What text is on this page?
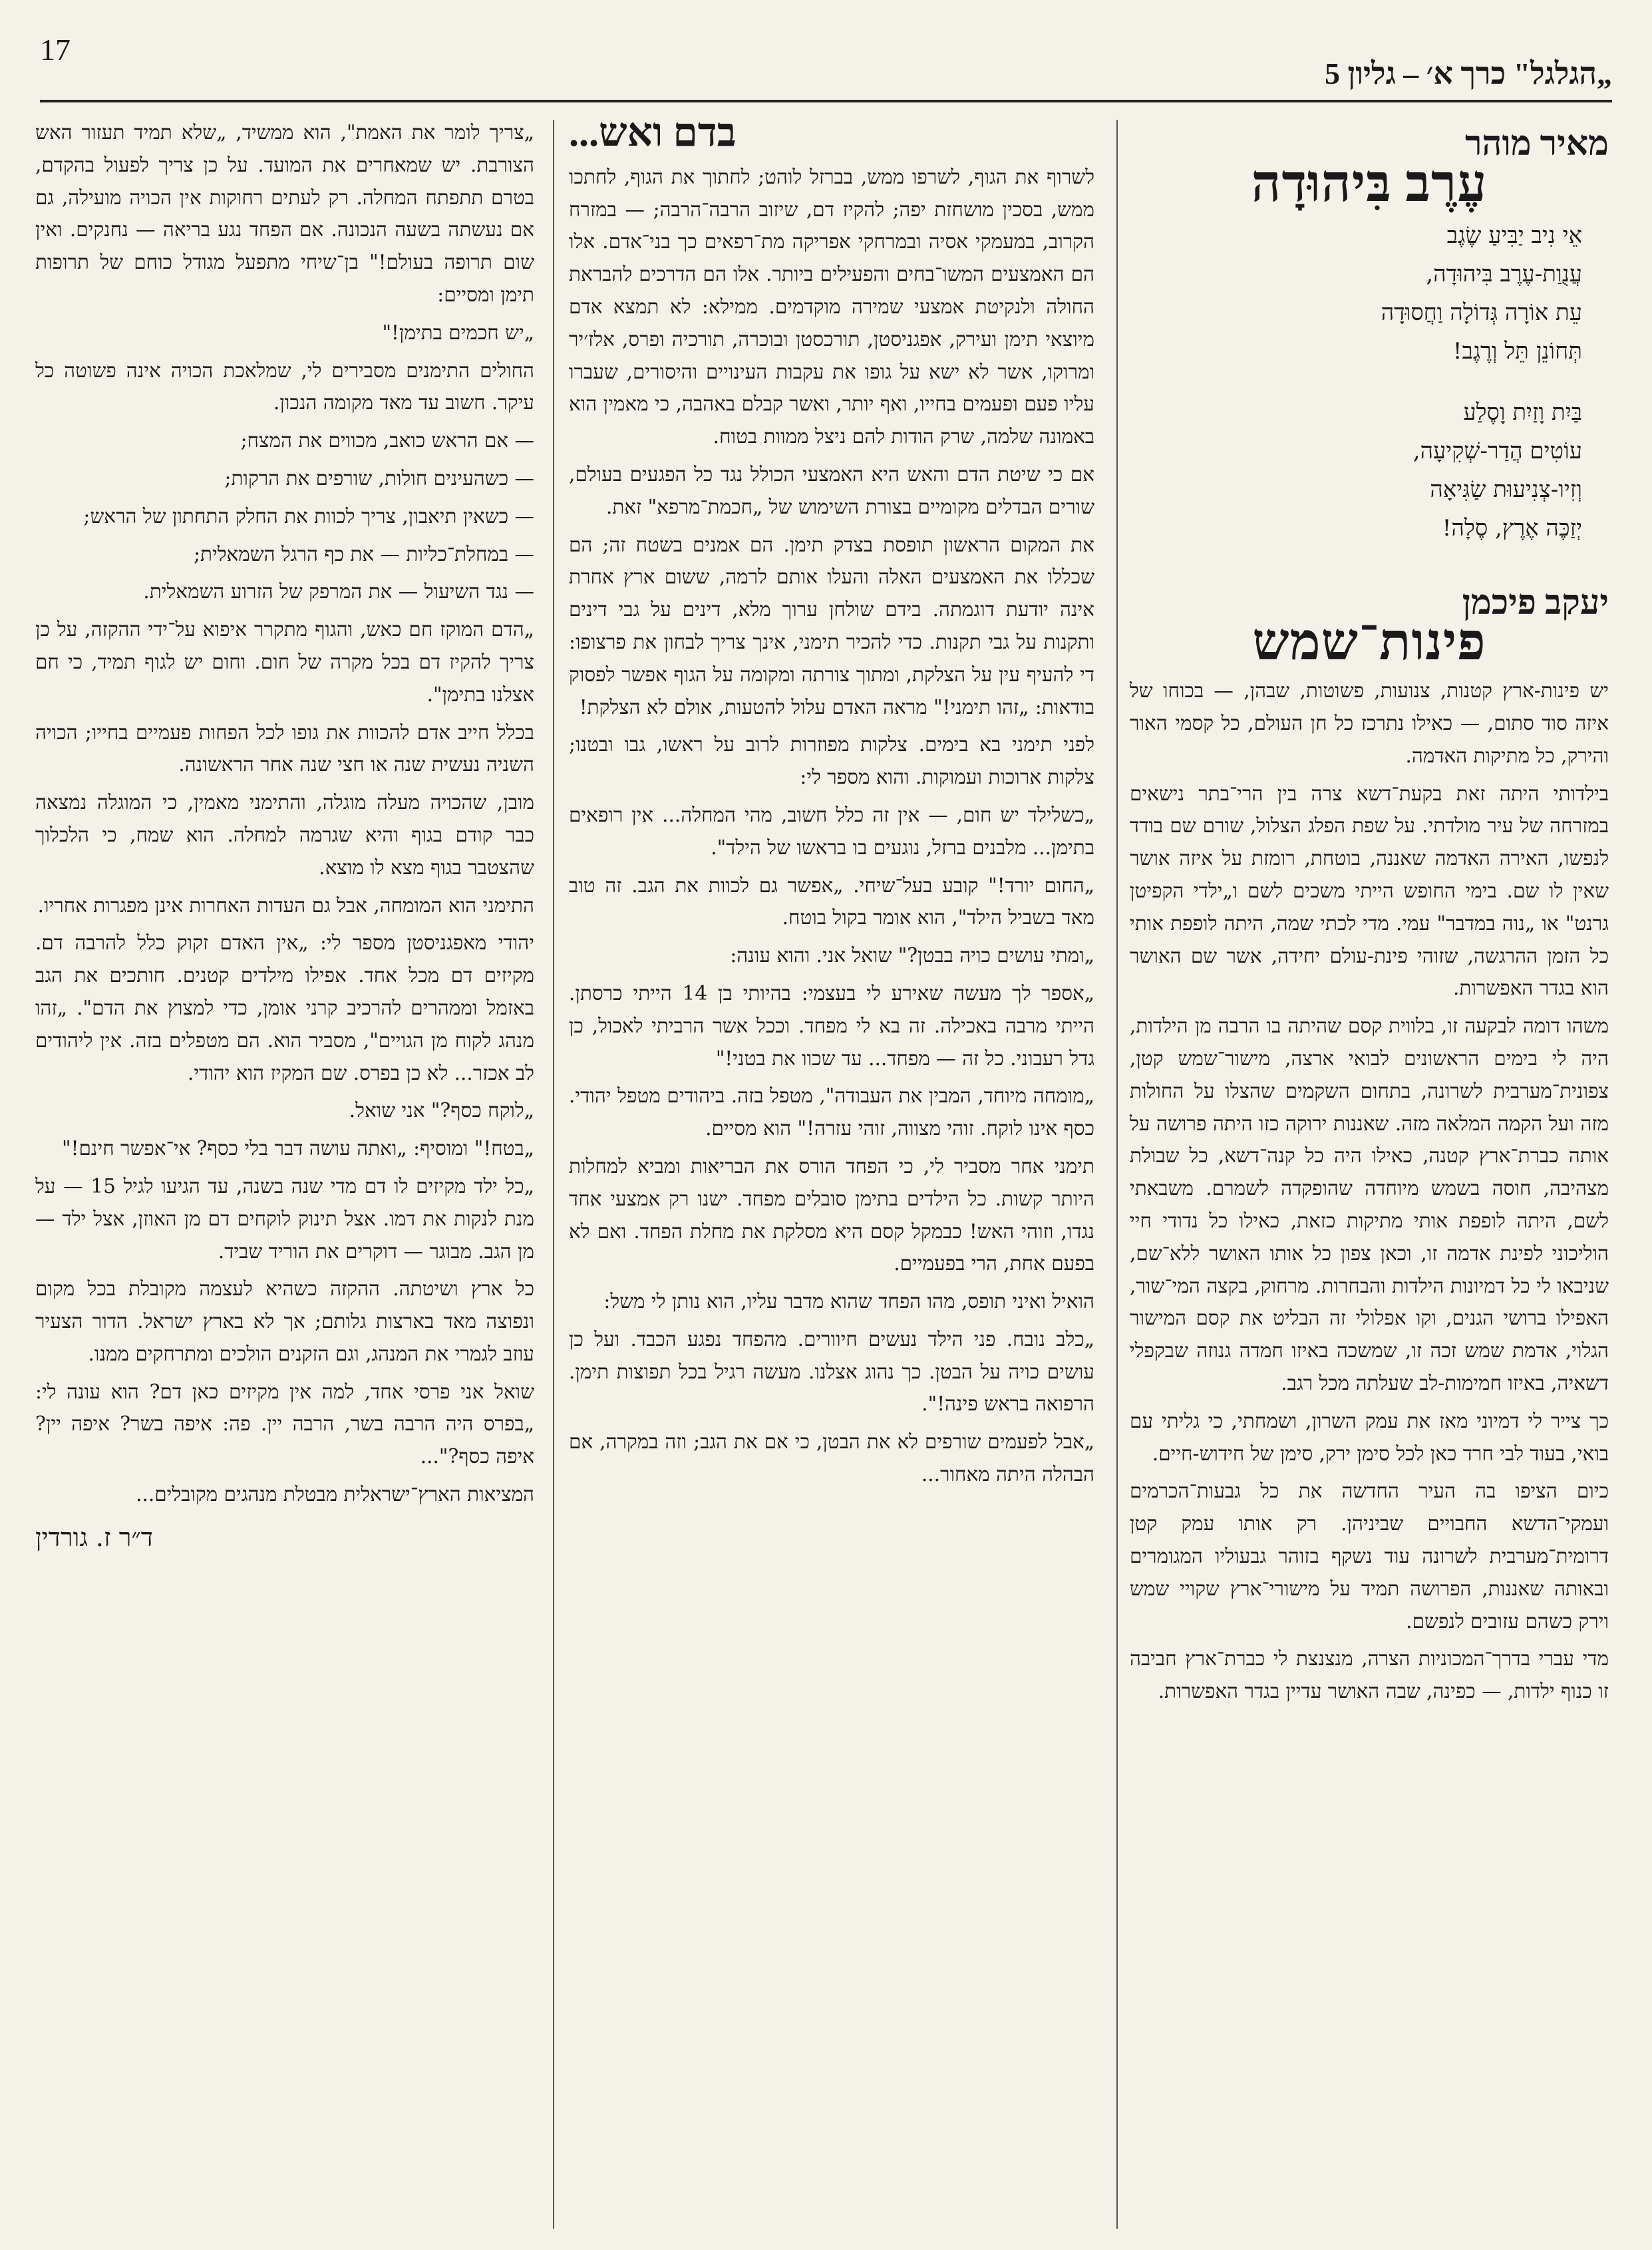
17
„הגלגל" כרך א׳ – גליון 5
מאיר מוהר
עֶרֶב בִּיהוּדָה

אֵי נִיב יַבִּיעַ שֶׂגֶב

עֲנֻוַת-עֶרֶב בִּיהוּדָה,

עֵת אוֹרָה גְּדוֹלָה וַחֲסוּדָה

תְּחוֹנֵן תֵּל וְרֶגֶב!

בַּיִת וָזַיִת וָסֶלַע

עוֹטִים הֲדַר-שְׁקִיעָה,

וְזִיו-צְנִיעוּת שַׂגִּיאָה

יְזַכֶּה אֶרֶץ, סֶלָה!

יעקב פיכמן
פינות־שמש

יש פינות-ארץ קטנות, צנועות, פשוטות, שבהן, — בכוחו של איזה סוד סתום, — כאילו נתרכז כל חן העולם, כל קסמי האור והירק, כל מתיקות האדמה.

בילדותי היתה זאת בקעת־דשא צרה בין הרי־בתר נישאים במזרחה של עיר מולדתי. על שפת הפלג הצלול, שורם שם בודד לנפשו, האירה האדמה שאננה, בוטחת, רומזת על איזה אושר שאין לו שם. בימי החופש הייתי משכים לשם ו„ילדי הקפיטן גרנט" או „נוה במדבר" עמי. מדי לכתי שמה, היתה לופפת אותי כל הזמן ההרגשה, שזוהי פינת-עולם יחידה, אשר שם האושר הוא בגדר האפשרות.

משהו דומה לבקעה זו, בלווית קסם שהיתה בו הרבה מן הילדות, היה לי בימים הראשונים לבואי ארצה, מישור־שמש קטן, צפונית־מערבית לשרונה, בתחום השקמים שהצלו על החולות מזה ועל הקמה המלאה מזה. שאננות ירוקה כזו היתה פרושה על אותה כברת־ארץ קטנה, כאילו היה כל קנה־דשא, כל שבולת מצהיבה, חוסה בשמש מיוחדה שהופקדה לשמרם. משבאתי לשם, היתה לופפת אותי מתיקות כזאת, כאילו כל נדודי חיי הוליכוני לפינת אדמה זו, וכאן צפון כל אותו האושר ללא־שם, שניבאו לי כל דמיונות הילדות והבחרות. מרחוק, בקצה המי־שור, האפילו ברושי הגנים, וקו אפלולי זה הבליט את קסם המישור הגלוי, אדמת שמש זכה זו, שמשכה באיזו חמדה גנוזה שבקפלי דשאיה, באיזו חמימות-לב שעלתה מכל רגב.

כך צייר לי דמיוני מאז את עמק השרון, ושמחתי, כי גליתי עם בואי, בעוד לבי חרד כאן לכל סימן ירק, סימן של חידוש-חיים.

כיום הציפו בה העיר החדשה את כל גבעות־הכרמים ועמקי־הדשא החבויים שביניהן. רק אותו עמק קטן דרומית־מערבית לשרונה עוד נשקף בזוהר גבעוליו המגומרים ובאותה שאננות, הפרושה תמיד על מישורי־ארץ שקויי שמש וירק כשהם עזובים לנפשם.

מדי עברי בדרך־המכוניות הצרה, מנצנצת לי כברת־ארץ חביבה זו כנוף ילדות, — כפינה, שבה האושר עדיין בגדר האפשרות.

בדם ואש...

לשרוף את הגוף, לשרפו ממש, בברזל לוהט; לחתוך את הגוף, לחתכו ממש, בסכין מושחזת יפה; להקיז דם, שיזוב הרבה־הרבה; — במזרח הקרוב, במעמקי אסיה ובמרחקי אפריקה מת־רפאים כך בני־אדם. אלו הם האמצעים המשו־בחים והפעילים ביותר. אלו הם הדרכים להבראת החולה ולנקיטת אמצעי שמירה מוקדמים. ממילא: לא תמצא אדם מיוצאי תימן ועירק, אפגניסטן, תורכסטן ובוכרה, תורכיה ופרס, אלז׳יר ומרוקו, אשר לא ישא על גופו את עקבות העינויים והיסורים, שעברו עליו פעם ופעמים בחייו, ואף יותר, ואשר קבלם באהבה, כי מאמין הוא באמונה שלמה, שרק הודות להם ניצל ממוות בטוח.

אם כי שיטת הדם והאש היא האמצעי הכולל נגד כל הפגעים בעולם, שורים הבדלים מקומיים בצורת השימוש של „חכמת־מרפא" זאת.

את המקום הראשון תופסת בצדק תימן. הם אמנים בשטח זה; הם שכללו את האמצעים האלה והעלו אותם לרמה, ששום ארץ אחרת אינה יודעת דוגמתה. בידם שולחן ערוך מלא, דינים על גבי דינים ותקנות על גבי תקנות. כדי להכיר תימני, אינך צריך לבחון את פרצופו: די להעיף עין על הצלקת, ומתוך צורתה ומקומה על הגוף אפשר לפסוק בודאות: „זהו תימני!" מראה האדם עלול להטעות, אולם לא הצלקת!

לפני תימני בא בימים. צלקות מפוזרות לרוב על ראשו, גבו ובטנו; צלקות ארוכות ועמוקות. והוא מספר לי:

„כשלילד יש חום, — אין זה כלל חשוב, מהי המחלה... אין רופאים בתימן... מלבנים ברזל, נוגעים בו בראשו של הילד".

„החום יורד!" קובע בעל־שיחי. „אפשר גם לכוות את הגב. זה טוב מאד בשביל הילד", הוא אומר בקול בוטח.

„ומתי עושים כויה בבטן?" שואל אני. והוא עונה:

„אספר לך מעשה שאירע לי בעצמי: בהיותי בן 14 הייתי כרסתן. הייתי מרבה באכילה. זה בא לי מפחד. וככל אשר הרביתי לאכול, כן גדל רעבוני. כל זה — מפחד... עד שכוו את בטני!"

„מומחה מיוחד, המבין את העבודה", מטפל בזה. ביהודים מטפל יהודי. כסף אינו לוקח. זוהי מצווה, זוהי עזרה!" הוא מסיים.

תימני אחר מסביר לי, כי הפחד הורס את הבריאות ומביא למחלות היותר קשות. כל הילדים בתימן סובלים מפחד. ישנו רק אמצעי אחד נגדו, וזוהי האש! כבמקל קסם היא מסלקת את מחלת הפחד. ואם לא בפעם אחת, הרי בפעמיים.

הואיל ואיני תופס, מהו הפחד שהוא מדבר עליו, הוא נותן לי משל:

„כלב נובח. פני הילד נעשים חיוורים. מהפחד נפגע הכבד. ועל כן עושים כויה על הבטן. כך נהוג אצלנו. מעשה רגיל בכל תפוצות תימן. הרפואה בראש פינה!".

„אבל לפעמים שורפים לא את הבטן, כי אם את הגב; וזה במקרה, אם הבהלה היתה מאחור...

„צריך לומר את האמת", הוא ממשיד, „שלא תמיד תעזור האש הצורבת. יש שמאחרים את המועד. על כן צריך לפעול בהקדם, בטרם תתפתח המחלה. רק לעתים רחוקות אין הכויה מועילה, גם אם נעשתה בשעה הנכונה. אם הפחד נגע בריאה — נחנקים. ואין שום תרופה בעולם!" בן־שיחי מתפעל מגודל כוחם של תרופות תימן ומסיים:

„יש חכמים בתימן!"

החולים התימנים מסבירים לי, שמלאכת הכויה אינה פשוטה כל עיקר. חשוב עד מאד מקומה הנכון.

— אם הראש כואב, מכווים את המצח;

— כשהעינים חולות, שורפים את הרקות;

— כשאין תיאבון, צריך לכוות את החלק התחתון של הראש;

— במחלת־כליות — את כף הרגל השמאלית;

— נגד השיעול — את המרפק של הזרוע השמאלית.

„הדם המוקז חם כאש, והגוף מתקרר איפוא על־ידי ההקזה, על כן צריך להקיז דם בכל מקרה של חום. וחום יש לגוף תמיד, כי חם אצלנו בתימן".

בכלל חייב אדם להכוות את גופו לכל הפחות פעמיים בחייו; הכויה השניה נעשית שנה או חצי שנה אחר הראשונה.

מובן, שהכויה מעלה מוגלה, והתימני מאמין, כי המוגלה נמצאה כבר קודם בגוף והיא שגרמה למחלה. הוא שמח, כי הלכלוך שהצטבר בגוף מצא לו מוצא.

התימני הוא המומחה, אבל גם העדות האחרות אינן מפגרות אחריו.

יהודי מאפגניסטן מספר לי: „אין האדם זקוק כלל להרבה דם. מקיזים דם מכל אחד. אפילו מילדים קטנים. חותכים את הגב באזמל וממהרים להרכיב קרני אומן, כדי למצוץ את הדם". „זהו מנהג לקוח מן הגויים", מסביר הוא. הם מטפלים בזה. אין ליהודים לב אכזר... לא כן בפרס. שם המקיז הוא יהודי.

„לוקח כסף?" אני שואל.

„בטח!" ומוסיף: „ואתה עושה דבר בלי כסף? אי־אפשר חינם!"

„כל ילד מקיזים לו דם מדי שנה בשנה, עד הגיעו לגיל 15 — על מנת לנקות את דמו. אצל תינוק לוקחים דם מן האוזן, אצל ילד — מן הגב. מבוגר — דוקרים את הוריד שביד.

כל ארץ ושיטתה. ההקזה כשהיא לעצמה מקובלת בכל מקום ונפוצה מאד בארצות גלותם; אך לא בארץ ישראל. הדור הצעיר עוזב לגמרי את המנהג, וגם הזקנים הולכים ומתרחקים ממנו.

שואל אני פרסי אחד, למה אין מקיזים כאן דם? הוא עונה לי: „בפרס היה הרבה בשר, הרבה יין. פה: איפה בשר? איפה יין? איפה כסף?"...

המציאות הארץ־ישראלית מבטלת מנהגים מקובלים...

ד״ר ז. גורדין
